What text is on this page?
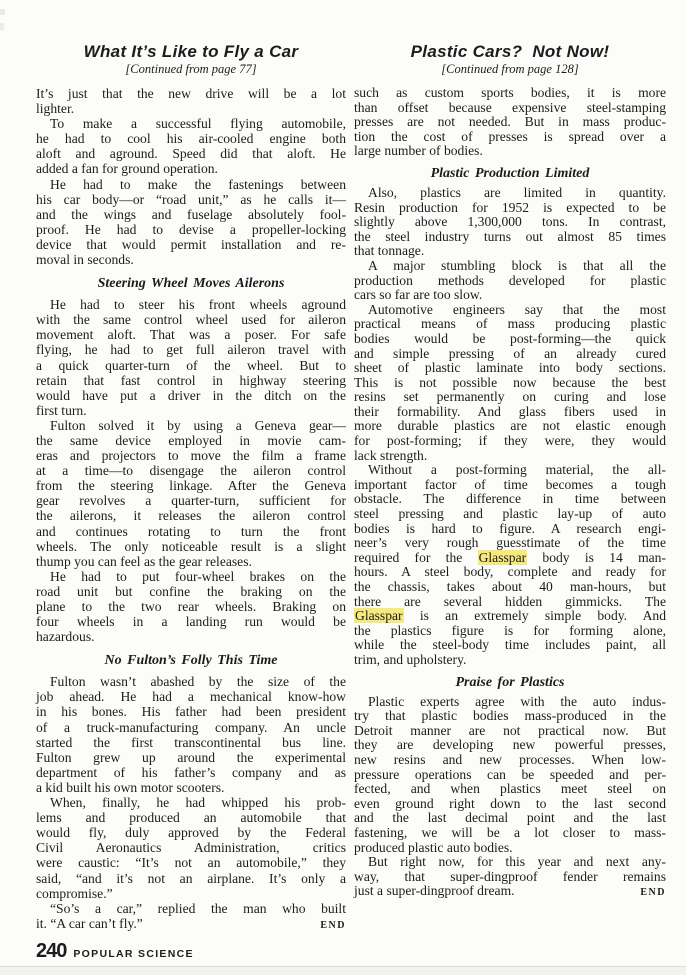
What It’s Like to Fly a Car
[Continued from page 77]
It’s just that the new drive will be a lot
lighter.
To make a successful flying automobile,
he had to cool his air-cooled engine both
aloft and aground. Speed did that aloft. He
added a fan for ground operation.
He had to make the fastenings between
his car body—or “road unit,” as he calls it—
and the wings and fuselage absolutely fool-
proof. He had to devise a propeller-locking
device that would permit installation and re-
moval in seconds.
Steering Wheel Moves Ailerons
He had to steer his front wheels aground
with the same control wheel used for aileron
movement aloft. That was a poser. For safe
flying, he had to get full aileron travel with
a quick quarter-turn of the wheel. But to
retain that fast control in highway steering
would have put a driver in the ditch on the
first turn.
Fulton solved it by using a Geneva gear—
the same device employed in movie cam-
eras and projectors to move the film a frame
at a time—to disengage the aileron control
from the steering linkage. After the Geneva
gear revolves a quarter-turn, sufficient for
the ailerons, it releases the aileron control
and continues rotating to turn the front
wheels. The only noticeable result is a slight
thump you can feel as the gear releases.
He had to put four-wheel brakes on the
road unit but confine the braking on the
plane to the two rear wheels. Braking on
four wheels in a landing run would be
hazardous.
No Fulton’s Folly This Time
Fulton wasn’t abashed by the size of the
job ahead. He had a mechanical know-how
in his bones. His father had been president
of a truck-manufacturing company. An uncle
started the first transcontinental bus line.
Fulton grew up around the experimental
department of his father’s company and as
a kid built his own motor scooters.
When, finally, he had whipped his prob-
lems and produced an automobile that
would fly, duly approved by the Federal
Civil Aeronautics Administration, critics
were caustic: “It’s not an automobile,” they
said, “and it’s not an airplane. It’s only a
compromise.”
“So’s a car,” replied the man who built
it. “A car can’t fly.”	END
Plastic Cars?  Not Now!
[Continued from page 128]
such as custom sports bodies, it is more
than offset because expensive steel-stamping
presses are not needed. But in mass produc-
tion the cost of presses is spread over a
large number of bodies.
Plastic Production Limited
Also, plastics are limited in quantity.
Resin production for 1952 is expected to be
slightly above 1,300,000 tons. In contrast,
the steel industry turns out almost 85 times
that tonnage.
A major stumbling block is that all the
production methods developed for plastic
cars so far are too slow.
Automotive engineers say that the most
practical means of mass producing plastic
bodies would be post-forming—the quick
and simple pressing of an already cured
sheet of plastic laminate into body sections.
This is not possible now because the best
resins set permanently on curing and lose
their formability. And glass fibers used in
more durable plastics are not elastic enough
for post-forming; if they were, they would
lack strength.
Without a post-forming material, the all-
important factor of time becomes a tough
obstacle. The difference in time between
steel pressing and plastic lay-up of auto
bodies is hard to figure. A research engi-
neer’s very rough guesstimate of the time
required for the Glasspar body is 14 man-
hours. A steel body, complete and ready for
the chassis, takes about 40 man-hours, but
there are several hidden gimmicks. The
Glasspar is an extremely simple body. And
the plastics figure is for forming alone,
while the steel-body time includes paint, all
trim, and upholstery.
Praise for Plastics
Plastic experts agree with the auto indus-
try that plastic bodies mass-produced in the
Detroit manner are not practical now. But
they are developing new powerful presses,
new resins and new processes. When low-
pressure operations can be speeded and per-
fected, and when plastics meet steel on
even ground right down to the last second
and the last decimal point and the last
fastening, we will be a lot closer to mass-
produced plastic auto bodies.
But right now, for this year and next any-
way, that super-dingproof fender remains
just a super-dingproof dream.	END
240 POPULAR SCIENCE
